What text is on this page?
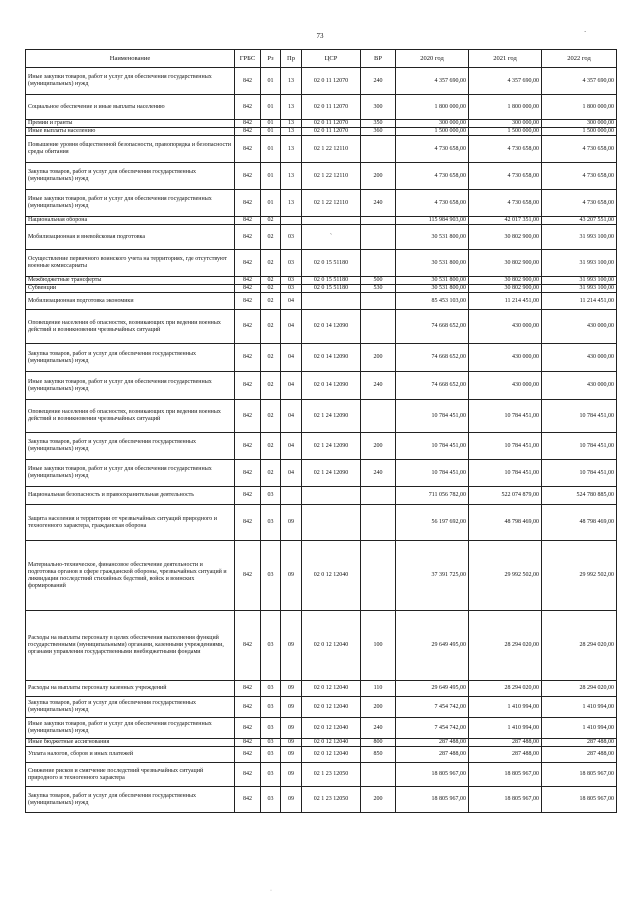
73	`
Наименование	ГРБС	Рз	Пр	ЦСР	ВР	2020 год	2021 год	2022 год
Иные закупки товаров, работ и услуг для обеспечения государственных (муниципальных) нужд	842	01	13	02 0 11 12070	240	4 357 690,00	4 357 690,00	4 357 690,00
Социальное обеспечение и иные выплаты населению	842	01	13	02 0 11 12070	300	1 800 000,00	1 800 000,00	1 800 000,00
Премии и гранты	842	01	13	02 0 11 12070	350	300 000,00	300 000,00	300 000,00
Иные выплаты населению	842	01	13	02 0 11 12070	360	1 500 000,00	1 500 000,00	1 500 000,00
Повышение уровня общественной безопасности, правопорядка и безопасности среды обитания	842	01	13	02 1 22 12110		4 730 658,00	4 730 658,00	4 730 658,00
Закупка товаров, работ и услуг для обеспечения государственных (муниципальных) нужд	842	01	13	02 1 22 12110	200	4 730 658,00	4 730 658,00	4 730 658,00
Иные закупки товаров, работ и услуг для обеспечения государственных (муниципальных) нужд	842	01	13	02 1 22 12110	240	4 730 658,00	4 730 658,00	4 730 658,00
Национальная оборона	842	02				115 984 903,00	42 017 351,00	43 207 551,00
Мобилизационная и вневойсковая подготовка	842	02	03	`		30 531 800,00	30 802 900,00	31 993 100,00
Осуществление первичного воинского учета на территориях, где отсутствуют военные комиссариаты	842	02	03	02 0 15 51180		30 531 800,00	30 802 900,00	31 993 100,00
Межбюджетные трансферты	842	02	03	02 0 15 51180	500	30 531 800,00	30 802 900,00	31 993 100,00
Субвенции	842	02	03	02 0 15 51180	530	30 531 800,00	30 802 900,00	31 993 100,00
Мобилизационная подготовка экономики	842	02	04			85 453 103,00	11 214 451,00	11 214 451,00
Оповещение населения об опасностях, возникающих при ведении военных действий и возникновении чрезвычайных ситуаций	842	02	04	02 0 14 12090		74 668 652,00	430 000,00	430 000,00
Закупка товаров, работ и услуг для обеспечения государственных (муниципальных) нужд	842	02	04	02 0 14 12090	200	74 668 652,00	430 000,00	430 000,00
Иные закупки товаров, работ и услуг для обеспечения государственных (муниципальных) нужд	842	02	04	02 0 14 12090	240	74 668 652,00	430 000,00	430 000,00
Оповещение населения об опасностях, возникающих при ведении военных действий и возникновении чрезвычайных ситуаций	842	02	04	02 1 24 12090		10 784 451,00	10 784 451,00	10 784 451,00
Закупка товаров, работ и услуг для обеспечения государственных (муниципальных) нужд	842	02	04	02 1 24 12090	200	10 784 451,00	10 784 451,00	10 784 451,00
Иные закупки товаров, работ и услуг для обеспечения государственных (муниципальных) нужд	842	02	04	02 1 24 12090	240	10 784 451,00	10 784 451,00	10 784 451,00
Национальная безопасность и правоохранительная деятельность	842	03				711 056 782,00	522 074 879,00	524 780 885,00
Защита населения и территории от чрезвычайных ситуаций природного и техногенного характера, гражданская оборона	842	03	09			56 197 692,00	48 798 469,00	48 798 469,00
Материально-техническое, финансовое обеспечение деятельности и подготовка органов в сфере гражданской обороны, чрезвычайных ситуаций и ликвидации последствий стихийных бедствий, войск и воинских формирований	842	03	09	02 0 12 12040		37 391 725,00	29 992 502,00	29 992 502,00
Расходы на выплаты персоналу в целях обеспечения выполнения функций государственными (муниципальными) органами, казенными учреждениями, органами управления государственными внебюджетными фондами	842	03	09	02 0 12 12040	100	29 649 495,00	28 294 020,00	28 294 020,00
Расходы на выплаты персоналу казенных учреждений	842	03	09	02 0 12 12040	110	29 649 495,00	28 294 020,00	28 294 020,00
Закупка товаров, работ и услуг для обеспечения государственных (муниципальных) нужд	842	03	09	02 0 12 12040	200	7 454 742,00	1 410 994,00	1 410 994,00
Иные закупки товаров, работ и услуг для обеспечения государственных (муниципальных) нужд	842	03	09	02 0 12 12040	240	7 454 742,00	1 410 994,00	1 410 994,00
Иные бюджетные ассигнования	842	03	09	02 0 12 12040	800	287 488,00	287 488,00	287 488,00
Уплата налогов, сборов и иных платежей	842	03	09	02 0 12 12040	850	287 488,00	287 488,00	287 488,00
Снижение рисков и смягчение последствий чрезвычайных ситуаций природного и техногенного характера	842	03	09	02 1 23 12050		18 805 967,00	18 805 967,00	18 805 967,00
Закупка товаров, работ и услуг для обеспечения государственных (муниципальных) нужд	842	03	09	02 1 23 12050	200	18 805 967,00	18 805 967,00	18 805 967,00
·
